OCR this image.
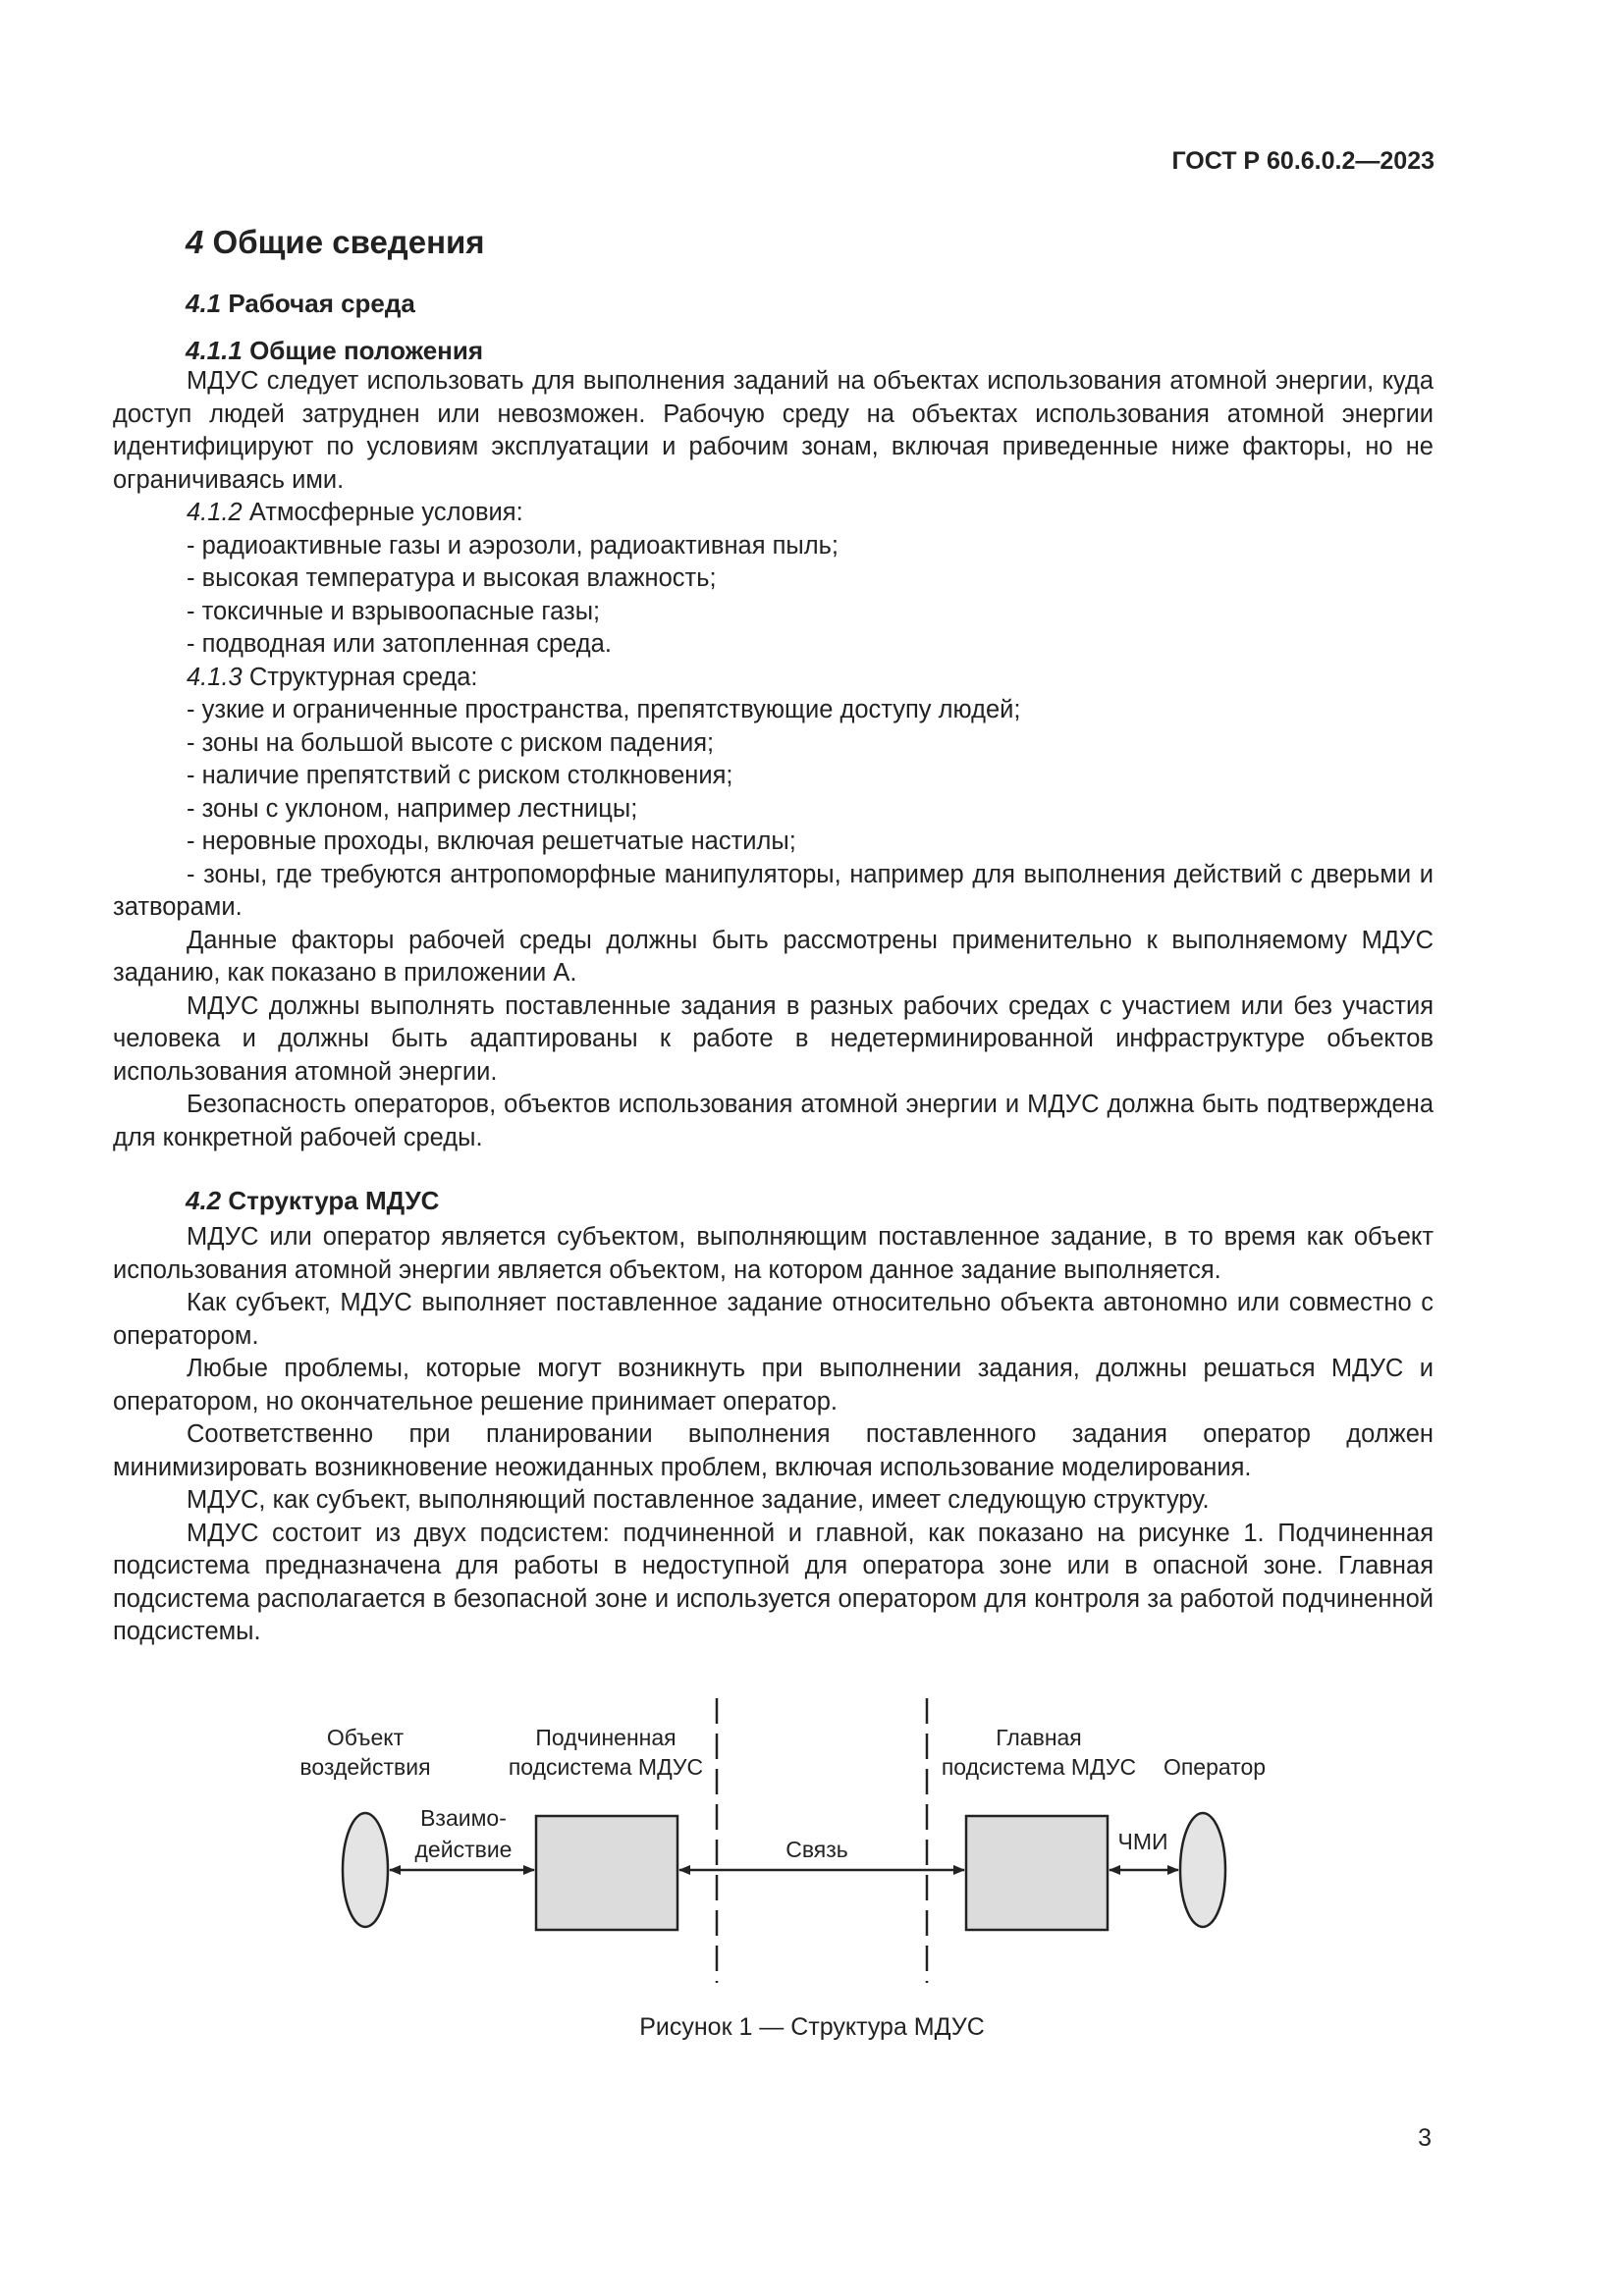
ГОСТ Р 60.6.0.2—2023
4 Общие сведения
4.1 Рабочая среда
4.1.1 Общие положения

МДУС следует использовать для выполнения заданий на объектах использования атомной энергии, куда доступ людей затруднен или невозможен. Рабочую среду на объектах использования атомной энергии идентифицируют по условиям эксплуатации и рабочим зонам, включая приведенные ниже факторы, но не ограничиваясь ими.

4.1.2 Атмосферные условия:

- радиоактивные газы и аэрозоли, радиоактивная пыль;

- высокая температура и высокая влажность;

- токсичные и взрывоопасные газы;

- подводная или затопленная среда.

4.1.3 Структурная среда:

- узкие и ограниченные пространства, препятствующие доступу людей;

- зоны на большой высоте с риском падения;

- наличие препятствий с риском столкновения;

- зоны с уклоном, например лестницы;

- неровные проходы, включая решетчатые настилы;

- зоны, где требуются антропоморфные манипуляторы, например для выполнения действий с дверьми и затворами.

Данные факторы рабочей среды должны быть рассмотрены применительно к выполняемому МДУС заданию, как показано в приложении А.

МДУС должны выполнять поставленные задания в разных рабочих средах с участием или без участия человека и должны быть адаптированы к работе в недетерминированной инфраструктуре объектов использования атомной энергии.

Безопасность операторов, объектов использования атомной энергии и МДУС должна быть подтверждена для конкретной рабочей среды.

4.2 Структура МДУС

МДУС или оператор является субъектом, выполняющим поставленное задание, в то время как объект использования атомной энергии является объектом, на котором данное задание выполняется.

Как субъект, МДУС выполняет поставленное задание относительно объекта автономно или совместно с оператором.

Любые проблемы, которые могут возникнуть при выполнении задания, должны решаться МДУС и оператором, но окончательное решение принимает оператор.

Соответственно при планировании выполнения поставленного задания оператор должен минимизировать возникновение неожиданных проблем, включая использование моделирования.

МДУС, как субъект, выполняющий поставленное задание, имеет следующую структуру.

МДУС состоит из двух подсистем: подчиненной и главной, как показано на рисунке 1. Подчиненная подсистема предназначена для работы в недоступной для оператора зоне или в опасной зоне. Главная подсистема располагается в безопасной зоне и используется оператором для контроля за работой подчиненной подсистемы.

Объект
воздействия
Подчиненная
подсистема МДУС
Главная
подсистема МДУС Оператор
Взаимо-
действие	Связь	ЧМИ
Рисунок 1 — Структура МДУС
3
